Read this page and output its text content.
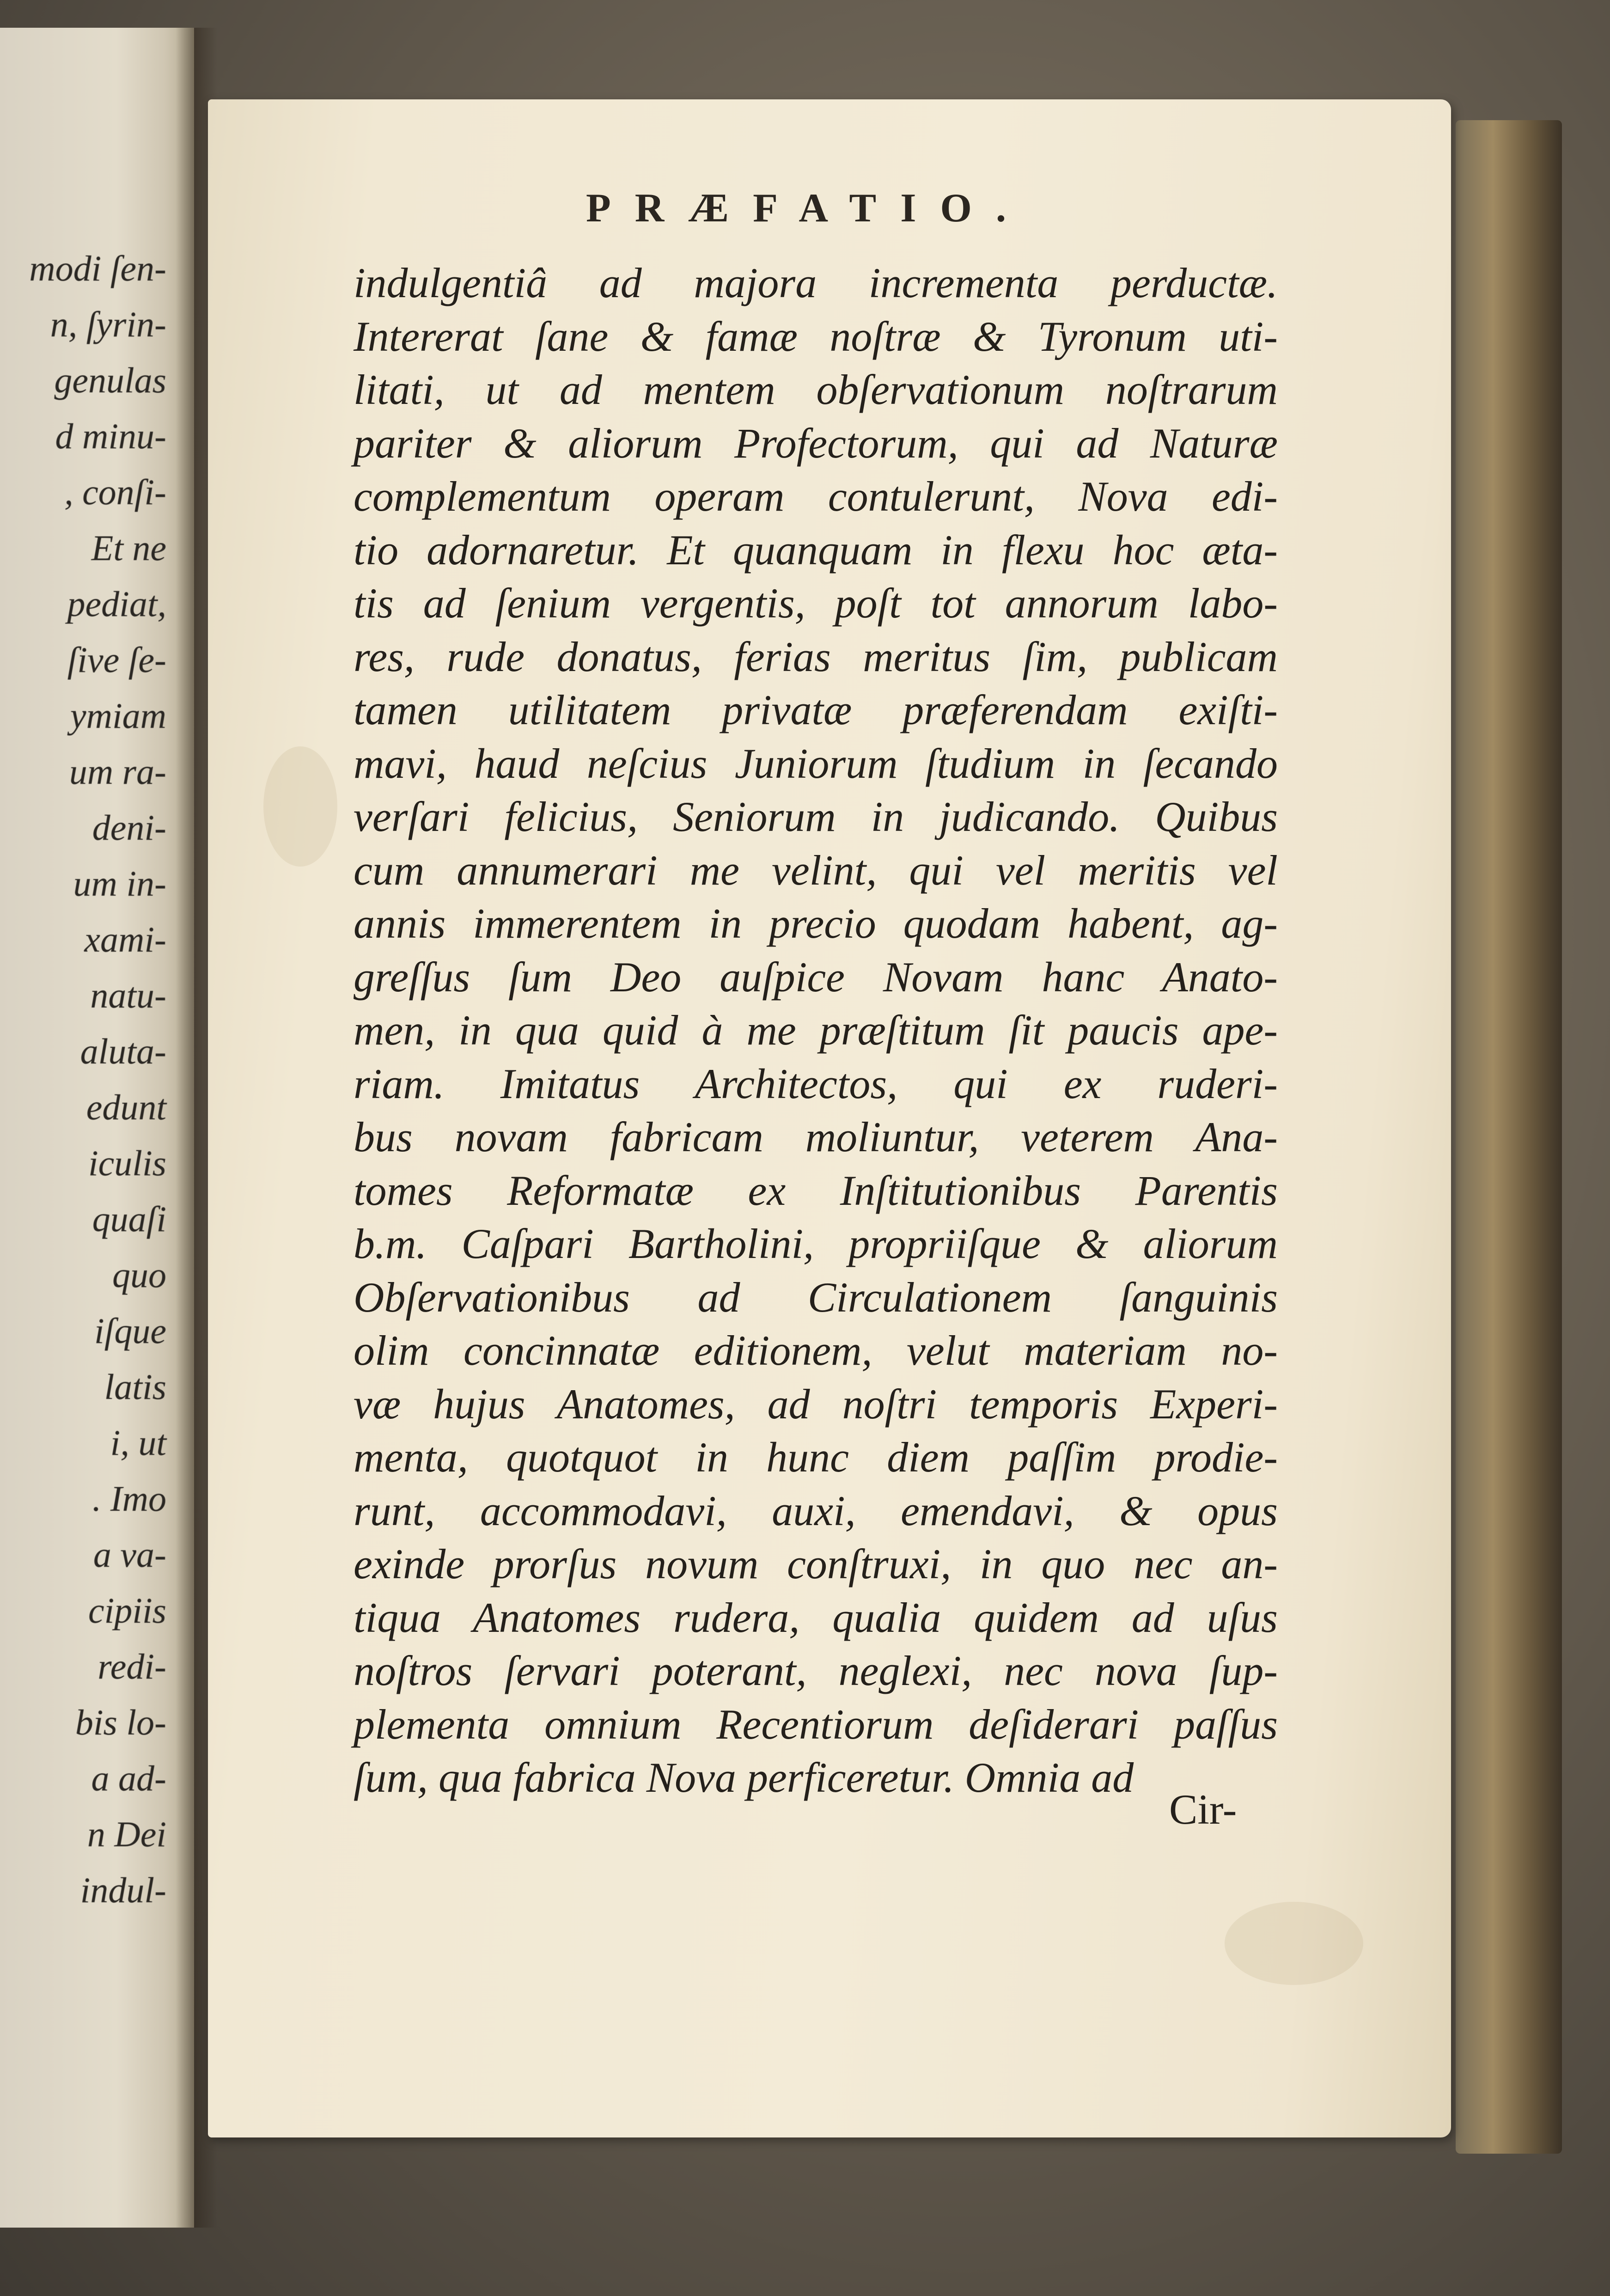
modi ſen-
n, ſyrin-
genulas
d minu-
, conſi-
Et ne
pediat,
ſive ſe-
ymiam
um ra-
deni-
um in-
xami-
natu-
aluta-
edunt
iculis
quaſi
quo
iſque
latis
i, ut
. Imo
a va-
cipiis
redi-
bis lo-
a ad-
n Dei
indul-
PRÆFATIO.
indulgentiâ ad majora incrementa perductæ.
Intererat ſane & famæ noſtræ & Tyronum uti-
litati, ut ad mentem obſervationum noſtrarum
pariter & aliorum Profectorum, qui ad Naturæ
complementum operam contulerunt, Nova edi-
tio adornaretur. Et quanquam in flexu hoc æta-
tis ad ſenium vergentis, poſt tot annorum labo-
res, rude donatus, ferias meritus ſim, publicam
tamen utilitatem privatæ præferendam exiſti-
mavi, haud neſcius Juniorum ſtudium in ſecando
verſari felicius, Seniorum in judicando. Quibus
cum annumerari me velint, qui vel meritis vel
annis immerentem in precio quodam habent, ag-
greſſus ſum Deo auſpice Novam hanc Anato-
men, in qua quid à me præſtitum ſit paucis ape-
riam. Imitatus Architectos, qui ex ruderi-
bus novam fabricam moliuntur, veterem Ana-
tomes Reformatæ ex Inſtitutionibus Parentis
b.m. Caſpari Bartholini, propriiſque & aliorum
Obſervationibus ad Circulationem ſanguinis
olim concinnatæ editionem, velut materiam no-
væ hujus Anatomes, ad noſtri temporis Experi-
menta, quotquot in hunc diem paſſim prodie-
runt, accommodavi, auxi, emendavi, & opus
exinde prorſus novum conſtruxi, in quo nec an-
tiqua Anatomes rudera, qualia quidem ad uſus
noſtros ſervari poterant, neglexi, nec nova ſup-
plementa omnium Recentiorum deſiderari paſſus
ſum, qua fabrica Nova perficeretur. Omnia ad
Cir-
